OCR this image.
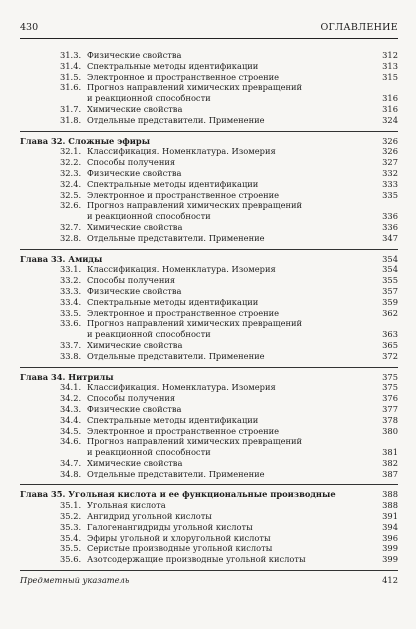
430	ОГЛАВЛЕНИЕ
31.3. Физические свойства	312
31.4. Спектральные методы идентификации	313
31.5. Электронное и пространственное строение	315
31.6. Прогноз направлений химических превращений
и реакционной способности	316
31.7. Химические свойства	316
31.8. Отдельные представители. Применение	324
Глава 32. Сложные эфиры	326
32.1. Классификация. Номенклатура. Изомерия	326
32.2. Способы получения	327
32.3. Физические свойства	332
32.4. Спектральные методы идентификации	333
32.5. Электронное и пространственное строение	335
32.6. Прогноз направлений химических превращений
и реакционной способности	336
32.7. Химические свойства	336
32.8. Отдельные представители. Применение	347
Глава 33. Амиды	354
33.1. Классификация. Номенклатура. Изомерия	354
33.2. Способы получения	355
33.3. Физические свойства	357
33.4. Спектральные методы идентификации	359
33.5. Электронное и пространственное строение	362
33.6. Прогноз направлений химических превращений
и реакционной способности	363
33.7. Химические свойства	365
33.8. Отдельные представители. Применение	372
Глава 34. Нитрилы	375
34.1. Классификация. Номенклатура. Изомерия	375
34.2. Способы получения	376
34.3. Физические свойства	377
34.4. Спектральные методы идентификации	378
34.5. Электронное и пространственное строение	380
34.6. Прогноз направлений химических превращений
и реакционной способности	381
34.7. Химические свойства	382
34.8. Отдельные представители. Применение	387
Глава 35. Угольная кислота и ее функциональные производные	388
35.1. Угольная кислота	388
35.2. Ангидрид угольной кислоты	391
35.3. Галогенангидриды угольной кислоты	394
35.4. Эфиры угольной и хлоругольной кислоты	396
35.5. Серистые производные угольной кислоты	399
35.6. Азотсодержащие производные угольной кислоты	399
Предметный указатель	412
